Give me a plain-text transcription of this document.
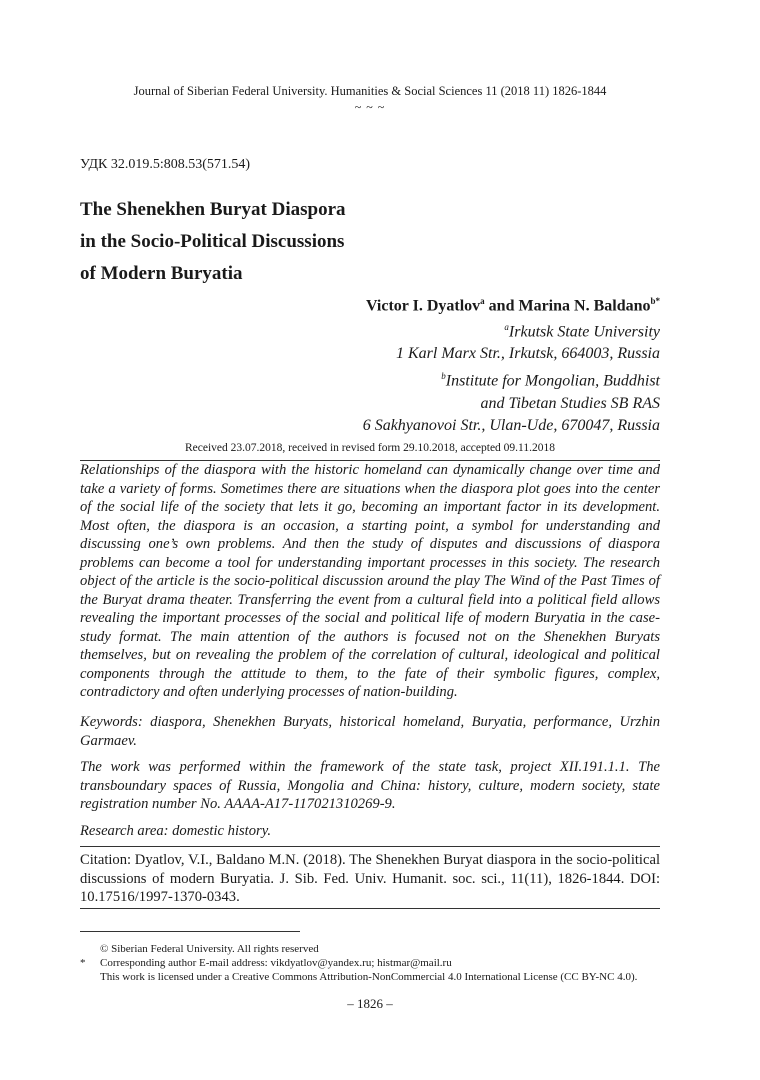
Journal of Siberian Federal University. Humanities & Social Sciences 11 (2018 11) 1826-1844
~ ~ ~
УДК 32.019.5:808.53(571.54)
The Shenekhen Buryat Diaspora
in the Socio-Political Discussions
of Modern Buryatia
Victor I. Dyatlov$^a$ and Marina N. Baldano$^{b*}$
$^a$Irkutsk State University
1 Karl Marx Str., Irkutsk, 664003, Russia
$^b$Institute for Mongolian, Buddhist
and Tibetan Studies SB RAS
6 Sakhyanovoi Str., Ulan-Ude, 670047, Russia
Received 23.07.2018, received in revised form 29.10.2018, accepted 09.11.2018
Relationships of the diaspora with the historic homeland can dynamically change over time and take a variety of forms. Sometimes there are situations when the diaspora plot goes into the center of the social life of the society that lets it go, becoming an important factor in its development. Most often, the diaspora is an occasion, a starting point, a symbol for understanding and discussing one’s own problems. And then the study of disputes and discussions of diaspora problems can become a tool for understanding important processes in this society. The research object of the article is the socio-political discussion around the play The Wind of the Past Times of the Buryat drama theater. Transferring the event from a cultural field into a political field allows revealing the important processes of the social and political life of modern Buryatia in the case-study format. The main attention of the authors is focused not on the Shenekhen Buryats themselves, but on revealing the problem of the correlation of cultural, ideological and political components through the attitude to them, to the fate of their symbolic figures, complex, contradictory and often underlying processes of nation-building.
Keywords: diaspora, Shenekhen Buryats, historical homeland, Buryatia, performance, Urzhin Garmaev.
The work was performed within the framework of the state task, project XII.191.1.1. The transboundary spaces of Russia, Mongolia and China: history, culture, modern society, state registration number No. AAAA-A17-117021310269-9.
Research area: domestic history.
Citation: Dyatlov, V.I., Baldano M.N. (2018). The Shenekhen Buryat diaspora in the socio-political discussions of modern Buryatia. J. Sib. Fed. Univ. Humanit. soc. sci., 11(11), 1826-1844. DOI: 10.17516/1997-1370-0343.
© Siberian Federal University. All rights reserved
* Corresponding author E-mail address: vikdyatlov@yandex.ru; histmar@mail.ru
This work is licensed under a Creative Commons Attribution-NonCommercial 4.0 International License (CC BY-NC 4.0).
– 1826 –
